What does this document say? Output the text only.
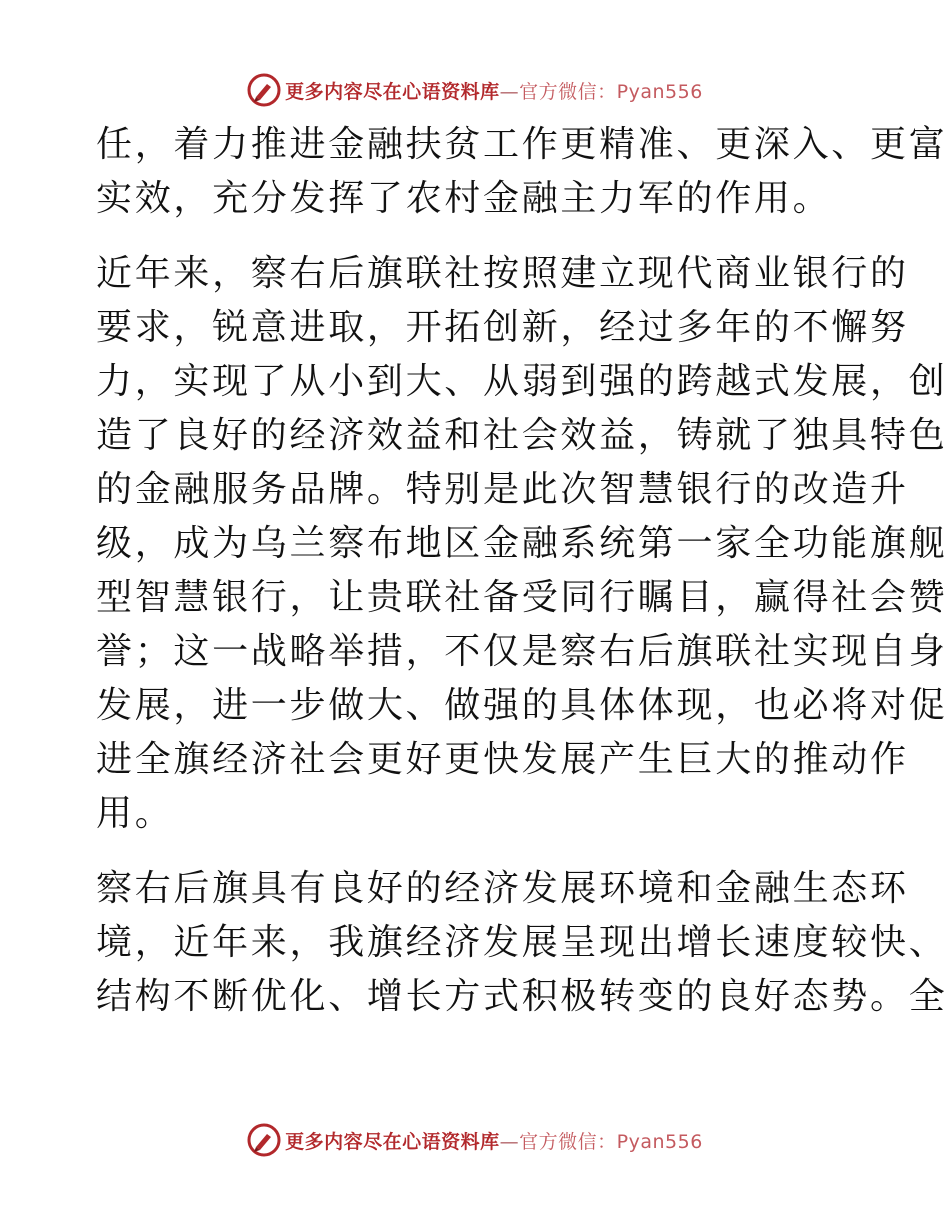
更多内容尽在心语资料库—官方微信：Pyan556
任，着力推进金融扶贫工作更精准、更深入、更富
实效，充分发挥了农村金融主力军的作用。
近年来，察右后旗联社按照建立现代商业银行的
要求，锐意进取，开拓创新，经过多年的不懈努
力，实现了从小到大、从弱到强的跨越式发展，创
造了良好的经济效益和社会效益，铸就了独具特色
的金融服务品牌。特别是此次智慧银行的改造升
级，成为乌兰察布地区金融系统第一家全功能旗舰
型智慧银行，让贵联社备受同行瞩目，赢得社会赞
誉；这一战略举措，不仅是察右后旗联社实现自身
发展，进一步做大、做强的具体体现，也必将对促
进全旗经济社会更好更快发展产生巨大的推动作
用。
察右后旗具有良好的经济发展环境和金融生态环
境，近年来，我旗经济发展呈现出增长速度较快、
结构不断优化、增长方式积极转变的良好态势。全
更多内容尽在心语资料库—官方微信：Pyan556
